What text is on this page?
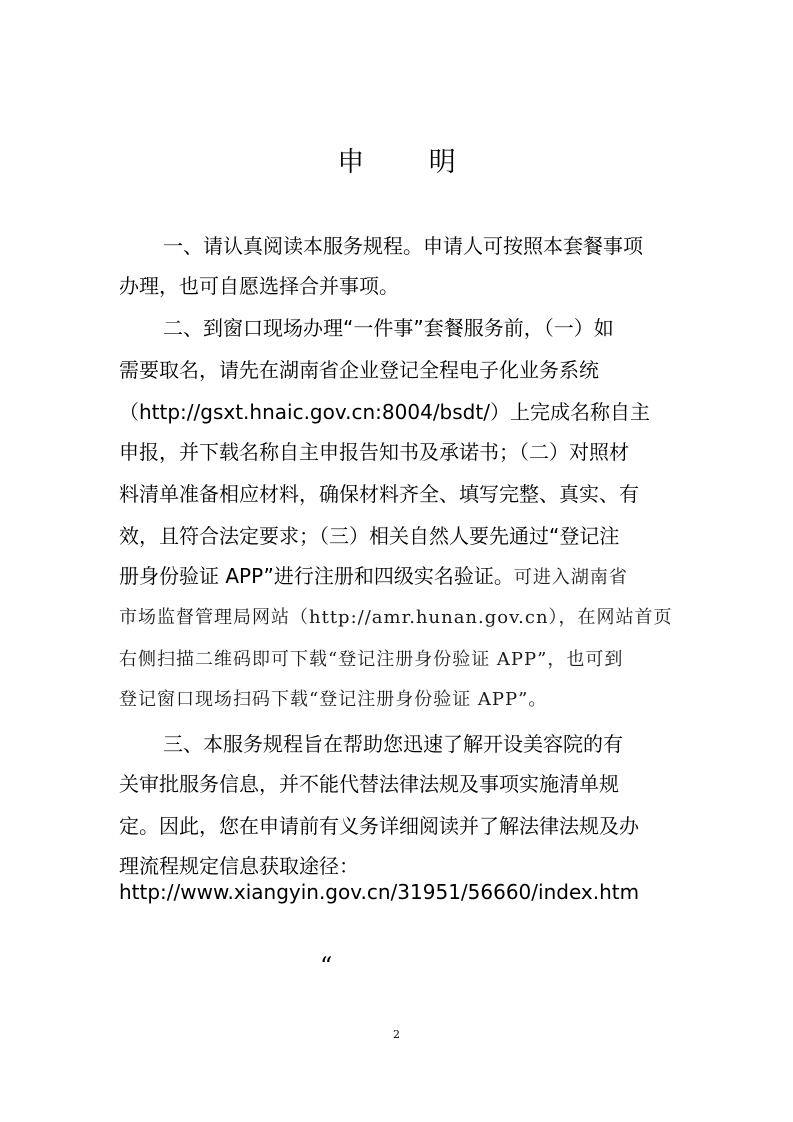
申 明
一、请认真阅读本服务规程。申请人可按照本套餐事项
办理，也可自愿选择合并事项。
二、到窗口现场办理“一件事”套餐服务前，（一）如
需要取名，请先在湖南省企业登记全程电子化业务系统
（http://gsxt.hnaic.gov.cn:8004/bsdt/）上完成名称自主
申报，并下载名称自主申报告知书及承诺书；（二）对照材
料清单准备相应材料，确保材料齐全、填写完整、真实、有
效，且符合法定要求；（三）相关自然人要先通过“登记注
册身份验证 APP”进行注册和四级实名验证。可进入湖南省
市场监督管理局网站（http://amr.hunan.gov.cn），在网站首页
右侧扫描二维码即可下载“登记注册身份验证 APP”，也可到
登记窗口现场扫码下载“登记注册身份验证 APP”。
三、本服务规程旨在帮助您迅速了解开设美容院的有
关审批服务信息，并不能代替法律法规及事项实施清单规
定。因此，您在申请前有义务详细阅读并了解法律法规及办
理流程规定信息获取途径：
http://www.xiangyin.gov.cn/31951/56660/index.htm
“
2
